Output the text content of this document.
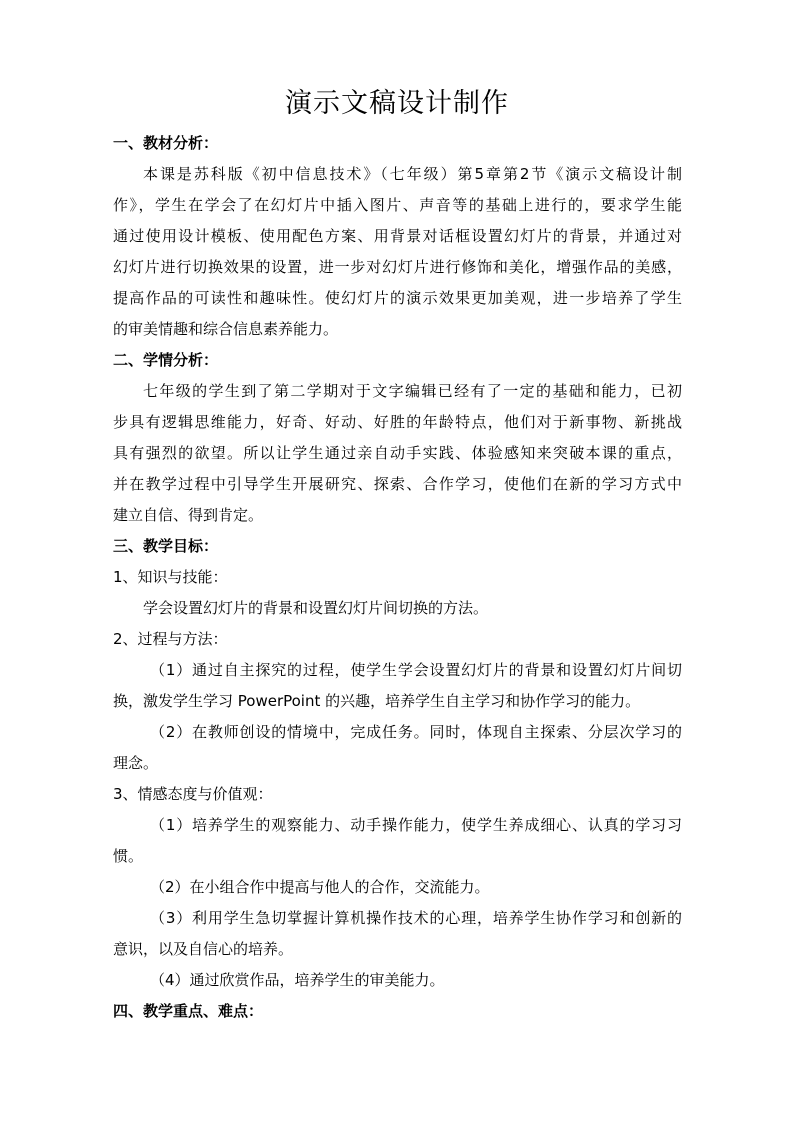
演示文稿设计制作
一、教材分析：
本课是苏科版《初中信息技术》（七年级）第5章第2节《演示文稿设计制
作》，学生在学会了在幻灯片中插入图片、声音等的基础上进行的，要求学生能
通过使用设计模板、使用配色方案、用背景对话框设置幻灯片的背景，并通过对
幻灯片进行切换效果的设置，进一步对幻灯片进行修饰和美化，增强作品的美感，
提高作品的可读性和趣味性。使幻灯片的演示效果更加美观，进一步培养了学生
的审美情趣和综合信息素养能力。
二、学情分析：
七年级的学生到了第二学期对于文字编辑已经有了一定的基础和能力，已初
步具有逻辑思维能力，好奇、好动、好胜的年龄特点，他们对于新事物、新挑战
具有强烈的欲望。所以让学生通过亲自动手实践、体验感知来突破本课的重点，
并在教学过程中引导学生开展研究、探索、合作学习，使他们在新的学习方式中
建立自信、得到肯定。
三、教学目标：
1、知识与技能：
学会设置幻灯片的背景和设置幻灯片间切换的方法。
2、过程与方法：
（1）通过自主探究的过程，使学生学会设置幻灯片的背景和设置幻灯片间切
换，激发学生学习 PowerPoint 的兴趣，培养学生自主学习和协作学习的能力。
（2）在教师创设的情境中，完成任务。同时，体现自主探索、分层次学习的
理念。
3、情感态度与价值观：
（1）培养学生的观察能力、动手操作能力，使学生养成细心、认真的学习习
惯。
（2）在小组合作中提高与他人的合作，交流能力。
（3）利用学生急切掌握计算机操作技术的心理，培养学生协作学习和创新的
意识，以及自信心的培养。
（4）通过欣赏作品，培养学生的审美能力。
四、教学重点、难点：
